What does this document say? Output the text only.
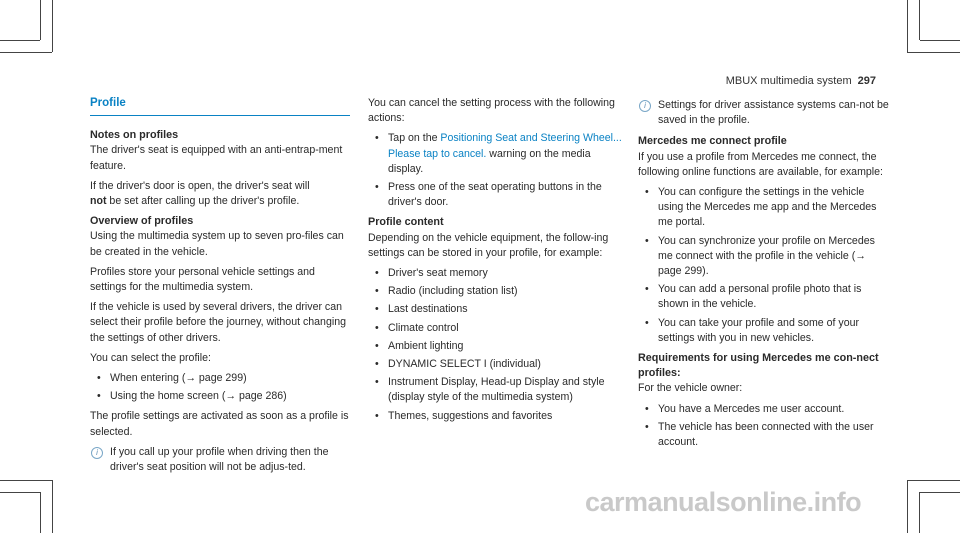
MBUX multimedia system 297
Profile
Notes on profiles

The driver's seat is equipped with an anti-entrap-ment feature.

If the driver's door is open, the driver's seat will
not be set after calling up the driver's profile.

Overview of profiles

Using the multimedia system up to seven pro-files can be created in the vehicle.

Profiles store your personal vehicle settings and settings for the multimedia system.

If the vehicle is used by several drivers, the driver can select their profile before the journey, without changing the settings of other drivers.

You can select the profile:

• When entering (→ page 299)
• Using the home screen (→ page 286)

The profile settings are activated as soon as a profile is selected.

i	If you call up your profile when driving then the driver's seat position will not be adjus-ted.

You can cancel the setting process with the following actions:

• Tap on the Positioning Seat and Steering Wheel... Please tap to cancel. warning on the media display.
• Press one of the seat operating buttons in the driver's door.
Profile content

Depending on the vehicle equipment, the follow-ing settings can be stored in your profile, for example:

• Driver's seat memory
• Radio (including station list)
• Last destinations
• Climate control
• Ambient lighting
• DYNAMIC SELECT I (individual)
• Instrument Display, Head-up Display and style (display style of the multimedia system)
• Themes, suggestions and favorites
i	Settings for driver assistance systems can-not be saved in the profile.
Mercedes me connect profile

If you use a profile from Mercedes me connect, the following online functions are available, for example:

• You can configure the settings in the vehicle using the Mercedes me app and the Mercedes me portal.
• You can synchronize your profile on Mercedes me connect with the profile in the vehicle (→ page 299).
• You can add a personal profile photo that is shown in the vehicle.
• You can take your profile and some of your settings with you in new vehicles.
Requirements for using Mercedes me con-nect profiles:

For the vehicle owner:

• You have a Mercedes me user account.
• The vehicle has been connected with the user account.
carmanualsonline.info
